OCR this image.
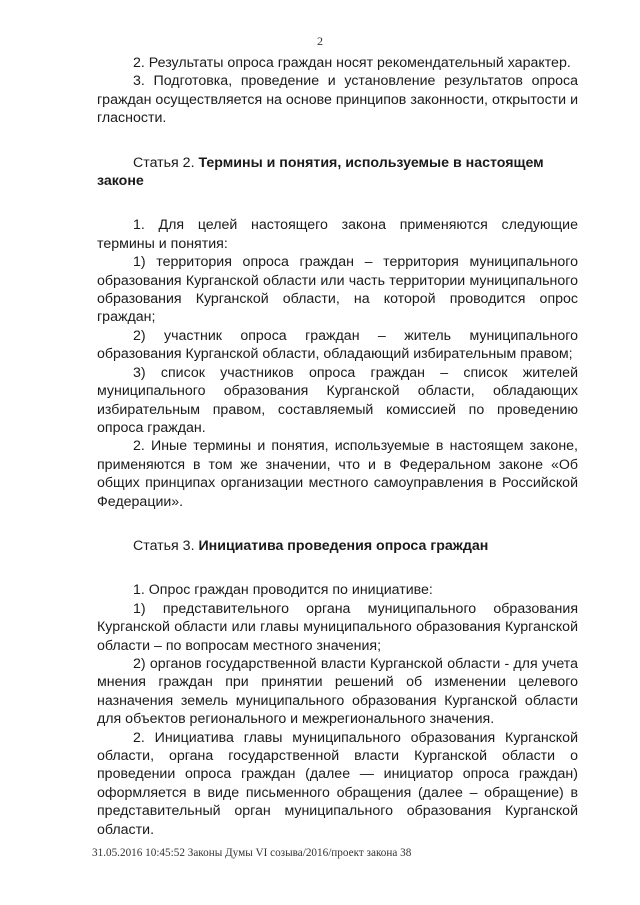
2

2. Результаты опроса граждан носят рекомендательный характер.

3. Подготовка, проведение и установление результатов опроса граждан осуществляется на основе принципов законности, открытости и гласности.

Статья 2. Термины и понятия, используемые в настоящем законе

1. Для целей настоящего закона применяются следующие термины и понятия:

1) территория опроса граждан – территория муниципального образования Курганской области или часть территории муниципального образования Курганской области, на которой проводится опрос граждан;

2) участник опроса граждан – житель муниципального образования Курганской области, обладающий избирательным правом;

3) список участников опроса граждан – список жителей муниципального образования Курганской области, обладающих избирательным правом, составляемый комиссией по проведению опроса граждан.

2. Иные термины и понятия, используемые в настоящем законе, применяются в том же значении, что и в Федеральном законе «Об общих принципах организации местного самоуправления в Российской Федерации».

Статья 3. Инициатива проведения опроса граждан

1. Опрос граждан проводится по инициативе:

1) представительного органа муниципального образования Курганской области или главы муниципального образования Курганской области – по вопросам местного значения;

2) органов государственной власти Курганской области - для учета мнения граждан при принятии решений об изменении целевого назначения земель муниципального образования Курганской области для объектов регионального и межрегионального значения.

2. Инициатива главы муниципального образования Курганской области, органа государственной власти Курганской области о проведении опроса граждан (далее — инициатор опроса граждан) оформляется в виде письменного обращения (далее – обращение) в представительный орган муниципального образования Курганской области.

31.05.2016 10:45:52 Законы Думы VI созыва/2016/проект закона 38
